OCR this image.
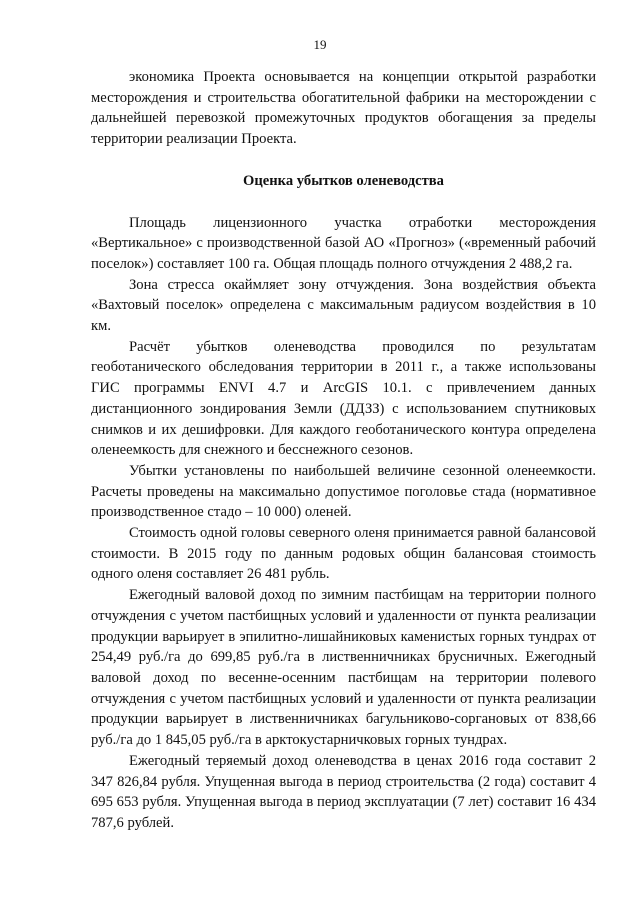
19

экономика Проекта основывается на концепции открытой разработки месторождения и строительства обогатительной фабрики на месторождении с дальнейшей перевозкой промежуточных продуктов обогащения за пределы территории реализации Проекта.

Оценка убытков оленеводства

Площадь лицензионного участка отработки месторождения «Вертикальное» с производственной базой АО «Прогноз» («временный рабочий поселок») составляет 100 га. Общая площадь полного отчуждения 2 488,2 га.

Зона стресса окаймляет зону отчуждения. Зона воздействия объекта «Вахтовый поселок» определена с максимальным радиусом воздействия в 10 км.

Расчёт убытков оленеводства проводился по результатам геоботанического обследования территории в 2011 г., а также использованы ГИС программы ENVI 4.7 и ArcGIS 10.1. с привлечением данных дистанционного зондирования Земли (ДДЗЗ) с использованием спутниковых снимков и их дешифровки. Для каждого геоботанического контура определена оленеемкость для снежного и бесснежного сезонов.

Убытки установлены по наибольшей величине сезонной оленеемкости. Расчеты проведены на максимально допустимое поголовье стада (нормативное производственное стадо – 10 000) оленей.

Стоимость одной головы северного оленя принимается равной балансовой стоимости. В 2015 году по данным родовых общин балансовая стоимость одного оленя составляет 26 481 рубль.

Ежегодный валовой доход по зимним пастбищам на территории полного отчуждения с учетом пастбищных условий и удаленности от пункта реализации продукции варьирует в эпилитно-лишайниковых каменистых горных тундрах от 254,49 руб./га до 699,85 руб./га в лиственничниках брусничных. Ежегодный валовой доход по весенне-осенним пастбищам на территории полевого отчуждения с учетом пастбищных условий и удаленности от пункта реализации продукции варьирует в лиственничниках багульниково-соргановых от 838,66 руб./га до 1 845,05 руб./га в арктокустарничковых горных тундрах.

Ежегодный теряемый доход оленеводства в ценах 2016 года составит 2 347 826,84 рубля. Упущенная выгода в период строительства (2 года) составит 4 695 653 рубля. Упущенная выгода в период эксплуатации (7 лет) составит 16 434 787,6 рублей.
